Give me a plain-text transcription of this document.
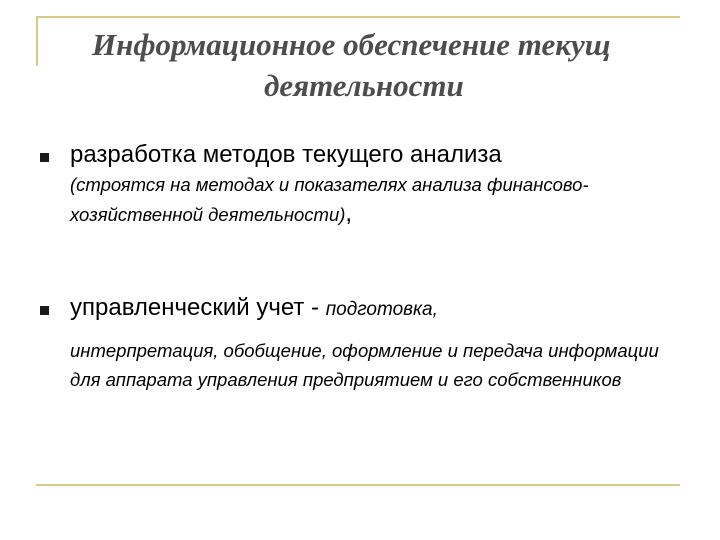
Информационное обеспечение текущ
деятельности
разработка методов текущего анализа
(строятся на методах и показателях анализа финансово-хозяйственной деятельности),
управленческий учет - подготовка,
интерпретация, обобщение, оформление и передача информации для аппарата управления предприятием и его собственников
